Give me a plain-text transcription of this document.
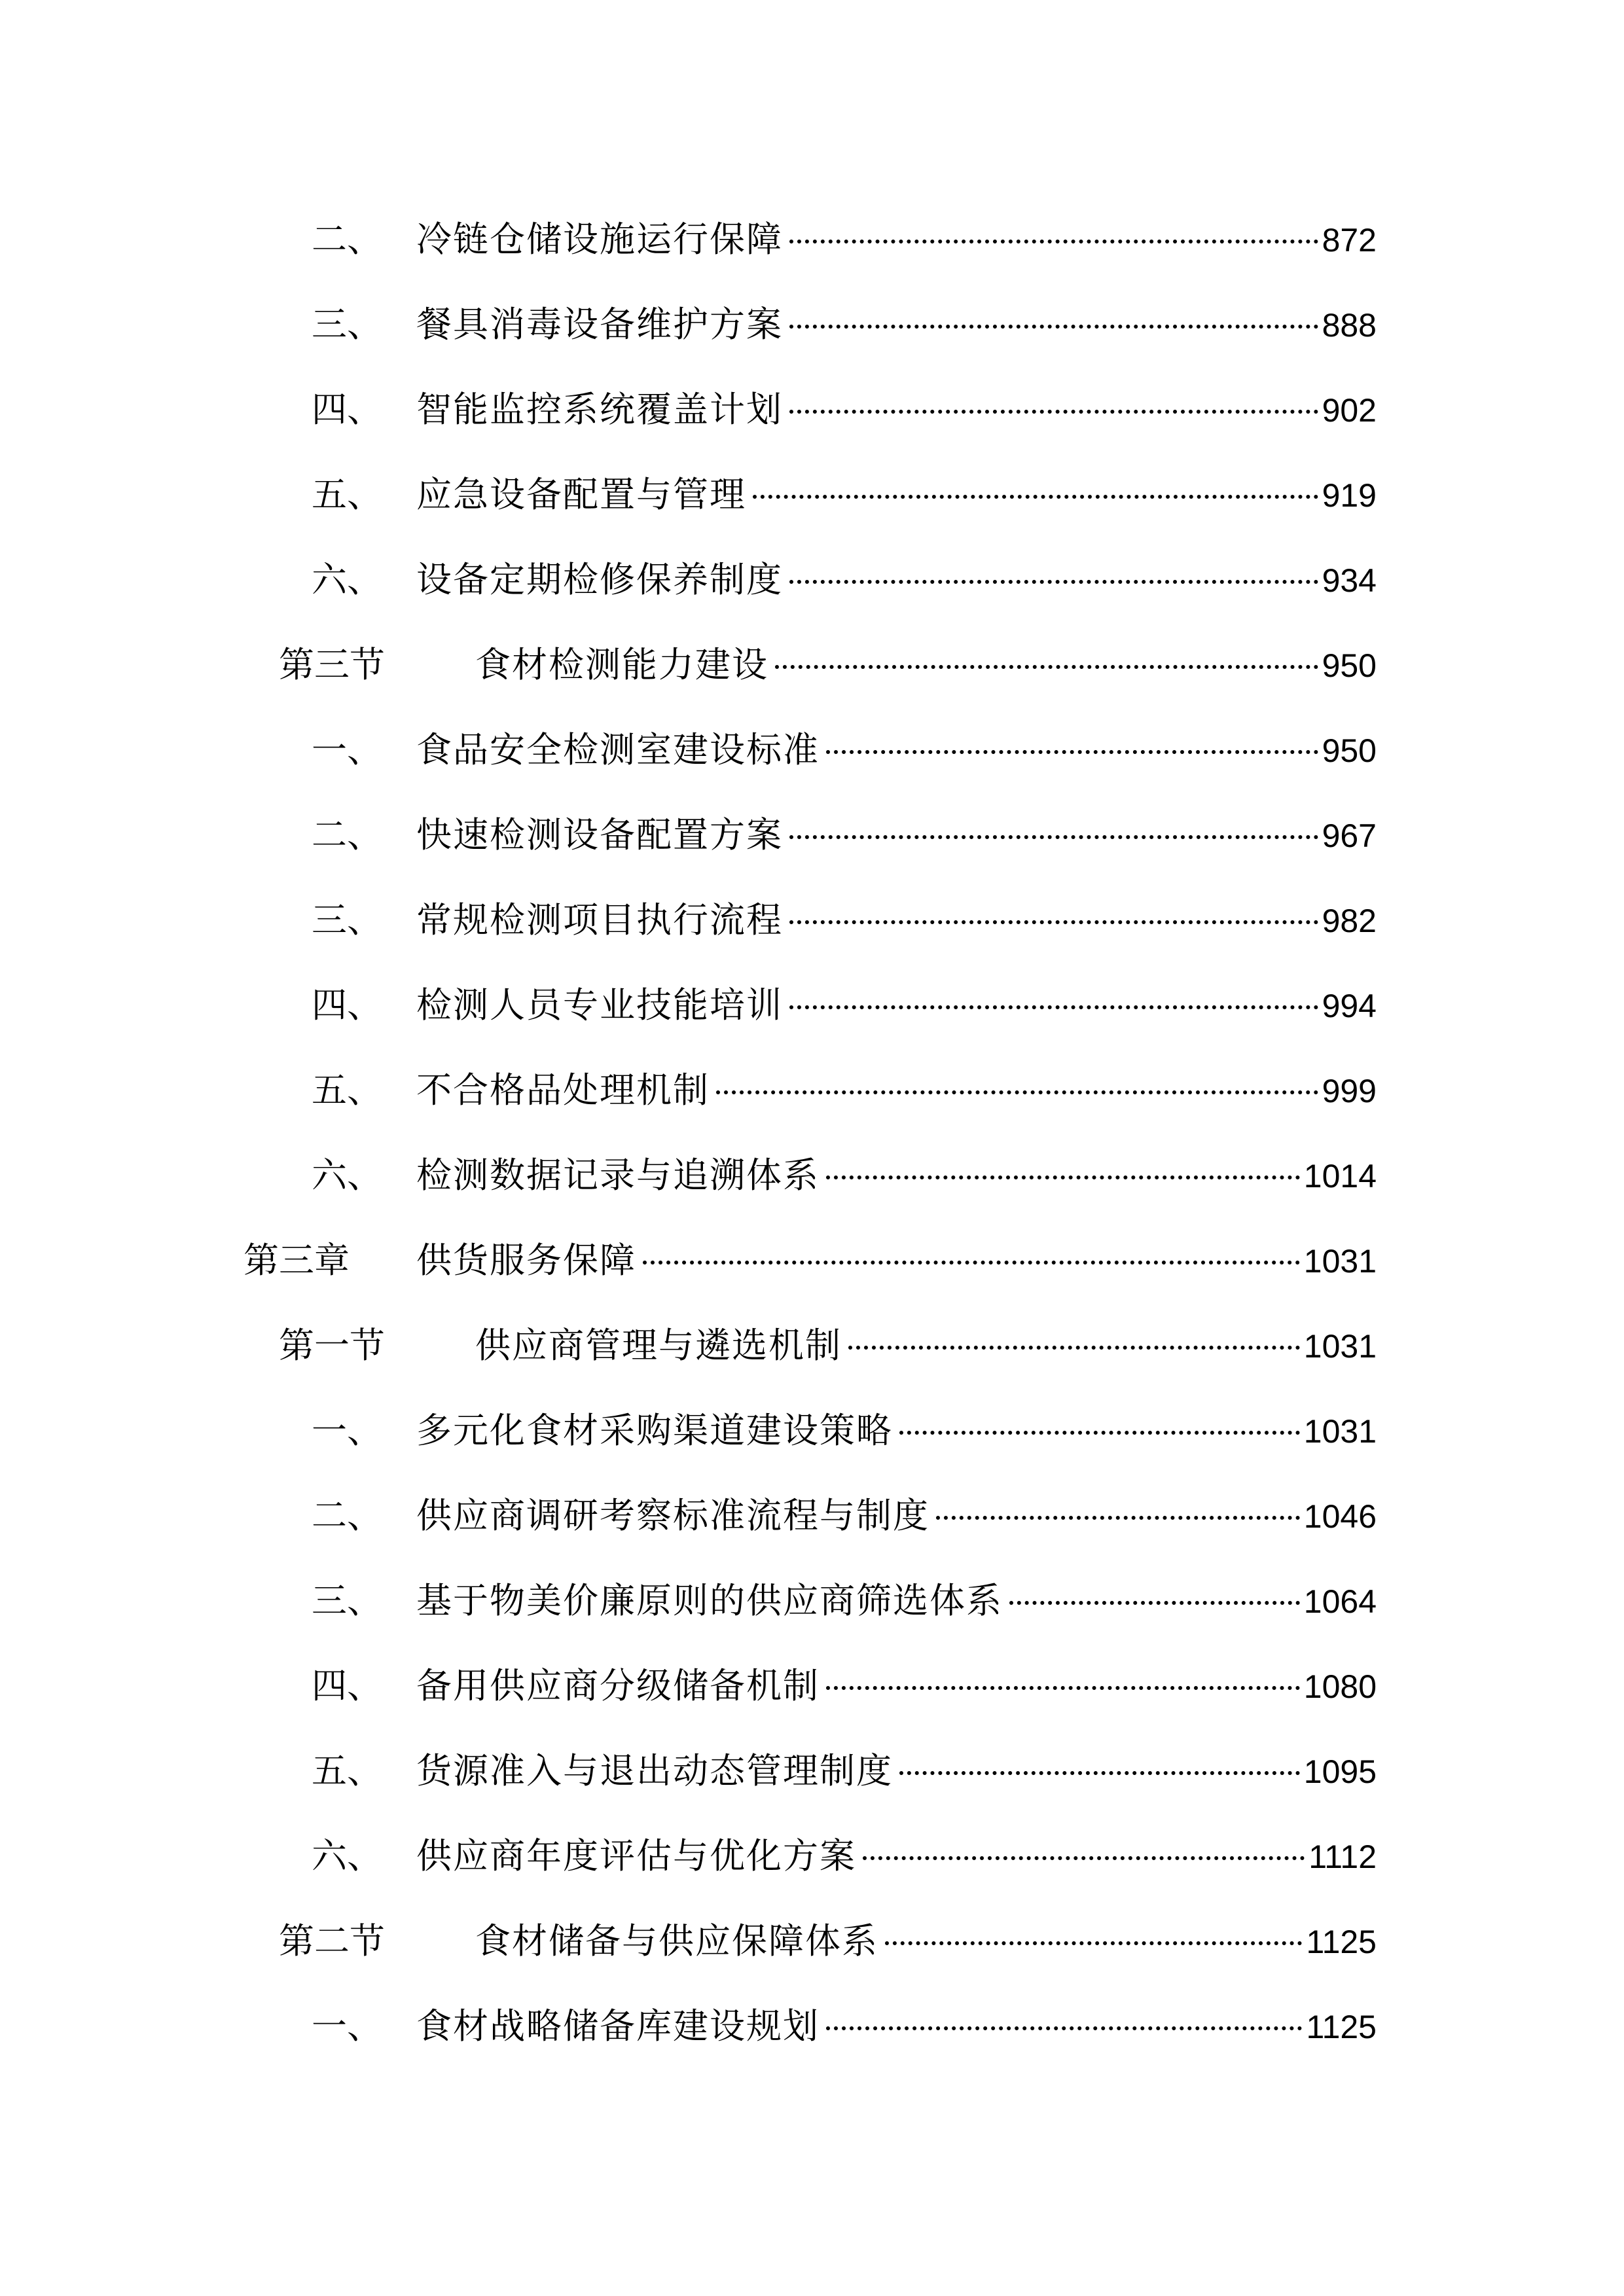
二、 冷链仓储设施运行保障	872
三、 餐具消毒设备维护方案	888
四、 智能监控系统覆盖计划	902
五、 应急设备配置与管理	919
六、 设备定期检修保养制度	934
第三节	食材检测能力建设	950
一、 食品安全检测室建设标准	950
二、 快速检测设备配置方案	967
三、 常规检测项目执行流程	982
四、 检测人员专业技能培训	994
五、 不合格品处理机制	999
六、 检测数据记录与追溯体系	1014
第三章	供货服务保障	1031
第一节	供应商管理与遴选机制	1031
一、 多元化食材采购渠道建设策略	1031
二、 供应商调研考察标准流程与制度	1046
三、 基于物美价廉原则的供应商筛选体系	1064
四、 备用供应商分级储备机制	1080
五、 货源准入与退出动态管理制度	1095
六、 供应商年度评估与优化方案	1112
第二节	食材储备与供应保障体系	1125
一、 食材战略储备库建设规划	1125
